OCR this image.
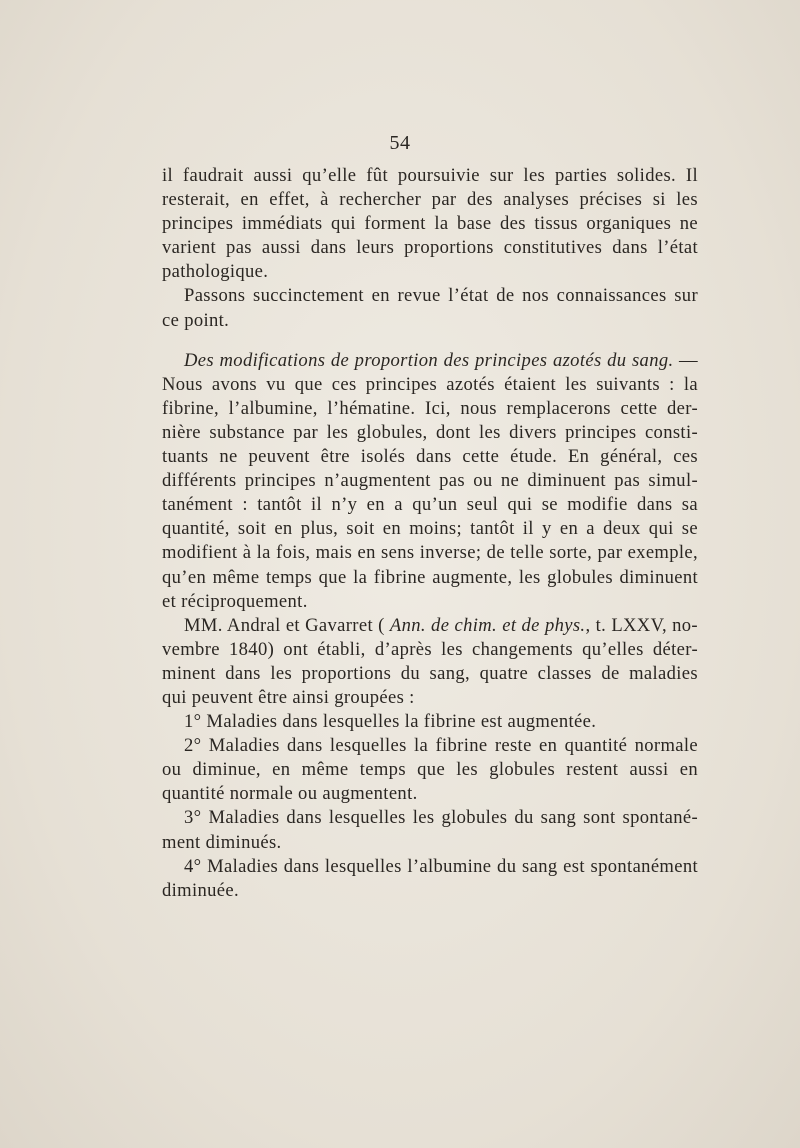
54

il faudrait aussi qu’elle fût poursuivie sur les parties solides. Il
resterait, en effet, à rechercher par des analyses précises si les
principes immédiats qui forment la base des tissus organiques ne
varient pas aussi dans leurs proportions constitutives dans l’état
pathologique.

Passons succinctement en revue l’état de nos connaissances sur
ce point.

Des modifications de proportion des principes azotés du sang. —
Nous avons vu que ces principes azotés étaient les suivants : la
fibrine, l’albumine, l’hématine. Ici, nous remplacerons cette der-
nière substance par les globules, dont les divers principes consti-
tuants ne peuvent être isolés dans cette étude. En général, ces
différents principes n’augmentent pas ou ne diminuent pas simul-
tanément : tantôt il n’y en a qu’un seul qui se modifie dans sa
quantité, soit en plus, soit en moins; tantôt il y en a deux qui se
modifient à la fois, mais en sens inverse; de telle sorte, par exemple,
qu’en même temps que la fibrine augmente, les globules diminuent
et réciproquement.

MM. Andral et Gavarret ( Ann. de chim. et de phys., t. LXXV, no-
vembre 1840) ont établi, d’après les changements qu’elles déter-
minent dans les proportions du sang, quatre classes de maladies
qui peuvent être ainsi groupées :

1° Maladies dans lesquelles la fibrine est augmentée.

2° Maladies dans lesquelles la fibrine reste en quantité normale
ou diminue, en même temps que les globules restent aussi en
quantité normale ou augmentent.

3° Maladies dans lesquelles les globules du sang sont spontané-
ment diminués.

4° Maladies dans lesquelles l’albumine du sang est spontanément
diminuée.
